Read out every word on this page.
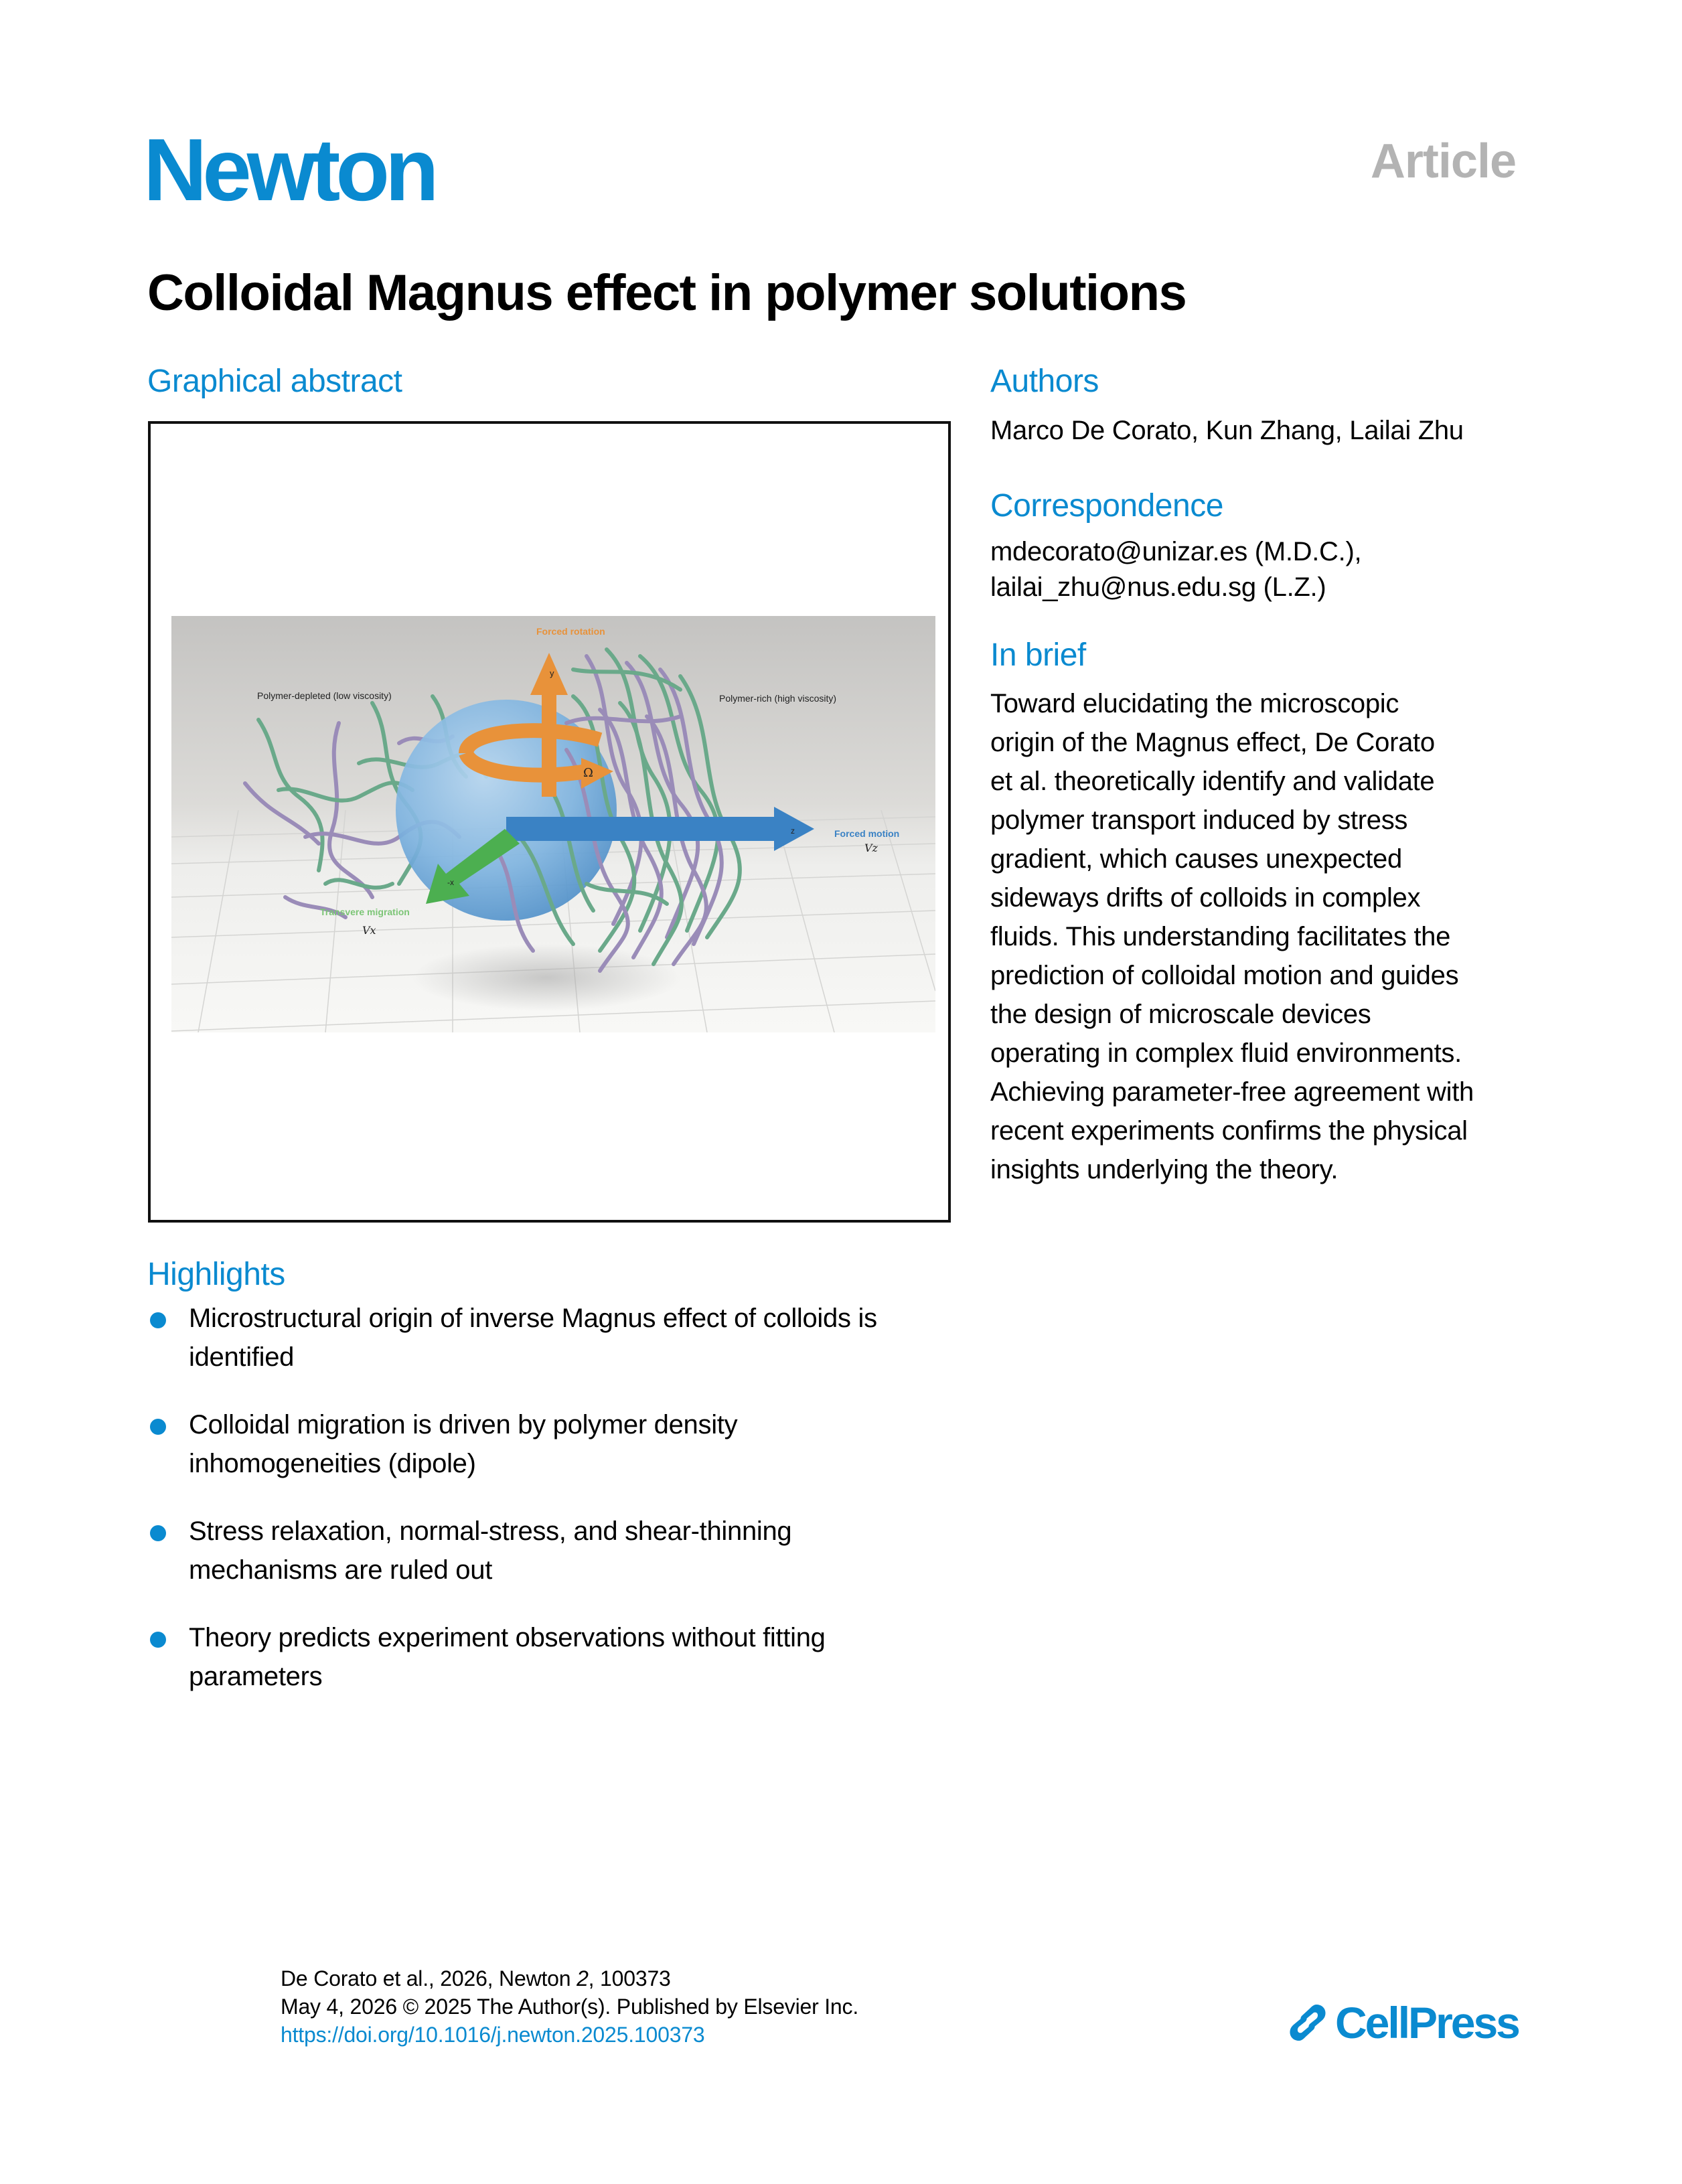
Newton	Article
Colloidal Magnus effect in polymer solutions
Graphical abstract
Forced rotation
y
Polymer-depleted (low viscosity)	Polymer-rich (high viscosity)
Ω
z	Forced motion
Vz
-x
Transvere migration
Vx
Authors
Marco De Corato, Kun Zhang, Lailai Zhu
Correspondence
mdecorato@unizar.es (M.D.C.),
lailai_zhu@nus.edu.sg (L.Z.)
In brief
Toward elucidating the microscopic
origin of the Magnus effect, De Corato
et al. theoretically identify and validate
polymer transport induced by stress
gradient, which causes unexpected
sideways drifts of colloids in complex
fluids. This understanding facilitates the
prediction of colloidal motion and guides
the design of microscale devices
operating in complex fluid environments.
Achieving parameter-free agreement with
recent experiments confirms the physical
insights underlying the theory.
Highlights
Microstructural origin of inverse Magnus effect of colloids is
identified
Colloidal migration is driven by polymer density
inhomogeneities (dipole)
Stress relaxation, normal-stress, and shear-thinning
mechanisms are ruled out
Theory predicts experiment observations without fitting
parameters
De Corato et al., 2026, Newton 2, 100373
May 4, 2026 © 2025 The Author(s). Published by Elsevier Inc.
https://doi.org/10.1016/j.newton.2025.100373	CellPress
